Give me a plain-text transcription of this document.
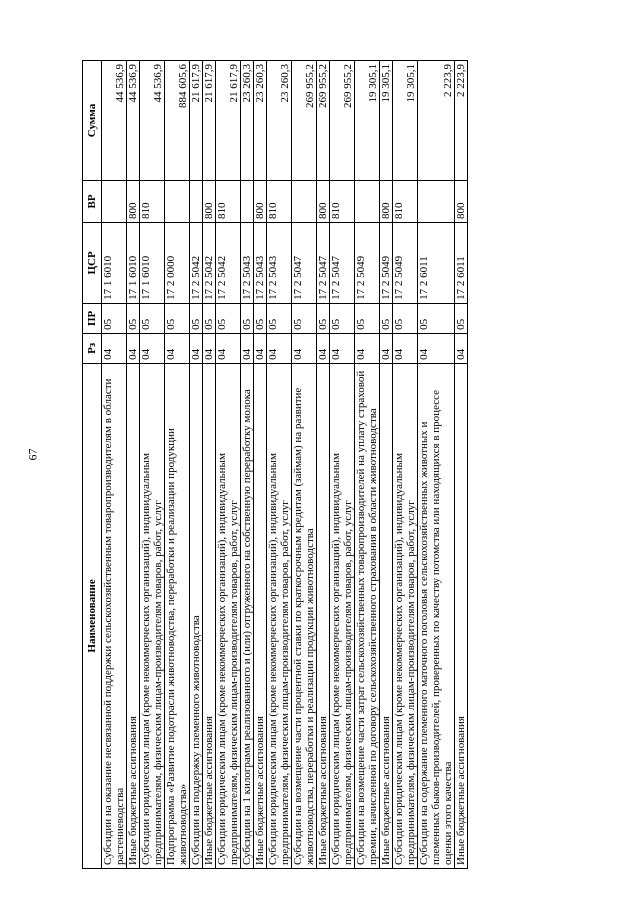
67
Наименование	Рз	ПР	ЦСР	ВР	Сумма
Субсидии на оказание несвязанной поддержки сельскохозяйственным товаропроизводителям в области растениеводства	04	05	17 1 6010		44 536,9
Иные бюджетные ассигнования	04	05	17 1 6010	800	44 536,9
Субсидии юридическим лицам (кроме некоммерческих организаций), индивидуальным предпринимателям, физическим лицам-производителям товаров, работ, услуг	04	05	17 1 6010	810	44 536,9
Подпрограмма «Развитие подотрасли животноводства, переработки и реализации продукции животноводства»	04	05	17 2 0000		884 605,6
Субсидии на поддержку племенного животноводства	04	05	17 2 5042		21 617,9
Иные бюджетные ассигнования	04	05	17 2 5042	800	21 617,9
Субсидии юридическим лицам (кроме некоммерческих организаций), индивидуальным предпринимателям, физическим лицам-производителям товаров, работ, услуг	04	05	17 2 5042	810	21 617,9
Субсидии на 1 килограмм реализованного и (или) отгруженного на собственную переработку молока	04	05	17 2 5043		23 260,3
Иные бюджетные ассигнования	04	05	17 2 5043	800	23 260,3
Субсидии юридическим лицам (кроме некоммерческих организаций), индивидуальным предпринимателям, физическим лицам-производителям товаров, работ, услуг	04	05	17 2 5043	810	23 260,3
Субсидии на возмещение части процентной ставки по краткосрочным кредитам (займам) на развитие животноводства, переработки и реализации продукции животноводства	04	05	17 2 5047		269 955,2
Иные бюджетные ассигнования	04	05	17 2 5047	800	269 955,2
Субсидии юридическим лицам (кроме некоммерческих организаций), индивидуальным предпринимателям, физическим лицам-производителям товаров, работ, услуг	04	05	17 2 5047	810	269 955,2
Субсидии на возмещение части затрат сельскохозяйственных товаропроизводителей на уплату страховой премии, начисленной по договору сельскохозяйственного страхования в области животноводства	04	05	17 2 5049		19 305,1
Иные бюджетные ассигнования	04	05	17 2 5049	800	19 305,1
Субсидии юридическим лицам (кроме некоммерческих организаций), индивидуальным предпринимателям, физическим лицам-производителям товаров, работ, услуг	04	05	17 2 5049	810	19 305,1
Субсидии на содержание племенного маточного поголовья сельскохозяйственных животных и племенных быков-производителей, проверенных по качеству потомства или находящихся в процессе оценки этого качества	04	05	17 2 6011		2 223,9
Иные бюджетные ассигнования	04	05	17 2 6011	800	2 223,9
